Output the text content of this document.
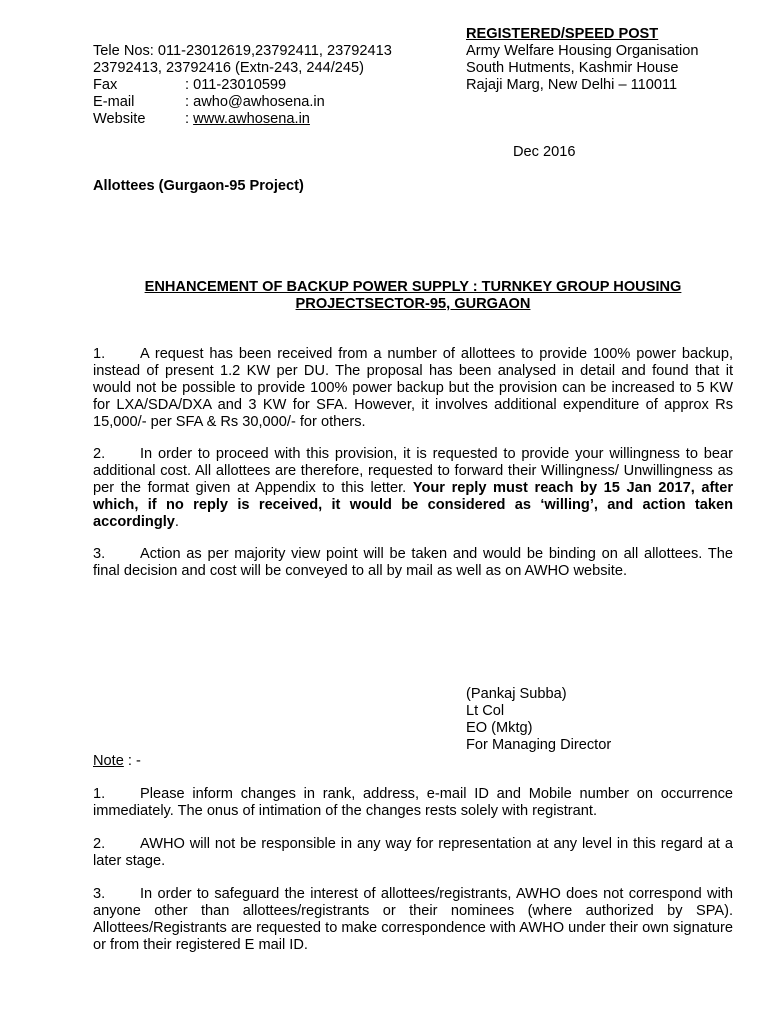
REGISTERED/SPEED POST
Army Welfare Housing Organisation
South Hutments, Kashmir House
Rajaji Marg, New Delhi – 110011
Tele Nos: 011-23012619,23792411, 23792413
23792413, 23792416 (Extn-243, 244/245)
Fax	: 011-23010599
E-mail	: awho@awhosena.in
Website	: www.awhosena.in
Dec 2016
Allottees (Gurgaon-95 Project)
ENHANCEMENT OF BACKUP POWER SUPPLY : TURNKEY GROUP HOUSING
PROJECTSECTOR-95, GURGAON
1. A request has been received from a number of allottees to provide 100% power backup, instead of present 1.2 KW per DU. The proposal has been analysed in detail and found that it would not be possible to provide 100% power backup but the provision can be increased to 5 KW for LXA/SDA/DXA and 3 KW for SFA. However, it involves additional expenditure of approx Rs 15,000/- per SFA & Rs 30,000/- for others.
2. In order to proceed with this provision, it is requested to provide your willingness to bear additional cost. All allottees are therefore, requested to forward their Willingness/ Unwillingness as per the format given at Appendix to this letter. Your reply must reach by 15 Jan 2017, after which, if no reply is received, it would be considered as ‘willing’, and action taken accordingly.
3. Action as per majority view point will be taken and would be binding on all allottees. The final decision and cost will be conveyed to all by mail as well as on AWHO website.
(Pankaj Subba)
Lt Col
EO (Mktg)
For Managing Director
Note : -
1. Please inform changes in rank, address, e-mail ID and Mobile number on occurrence immediately. The onus of intimation of the changes rests solely with registrant.
2. AWHO will not be responsible in any way for representation at any level in this regard at a later stage.
3. In order to safeguard the interest of allottees/registrants, AWHO does not correspond with anyone other than allottees/registrants or their nominees (where authorized by SPA). Allottees/Registrants are requested to make correspondence with AWHO under their own signature or from their registered E mail ID.
